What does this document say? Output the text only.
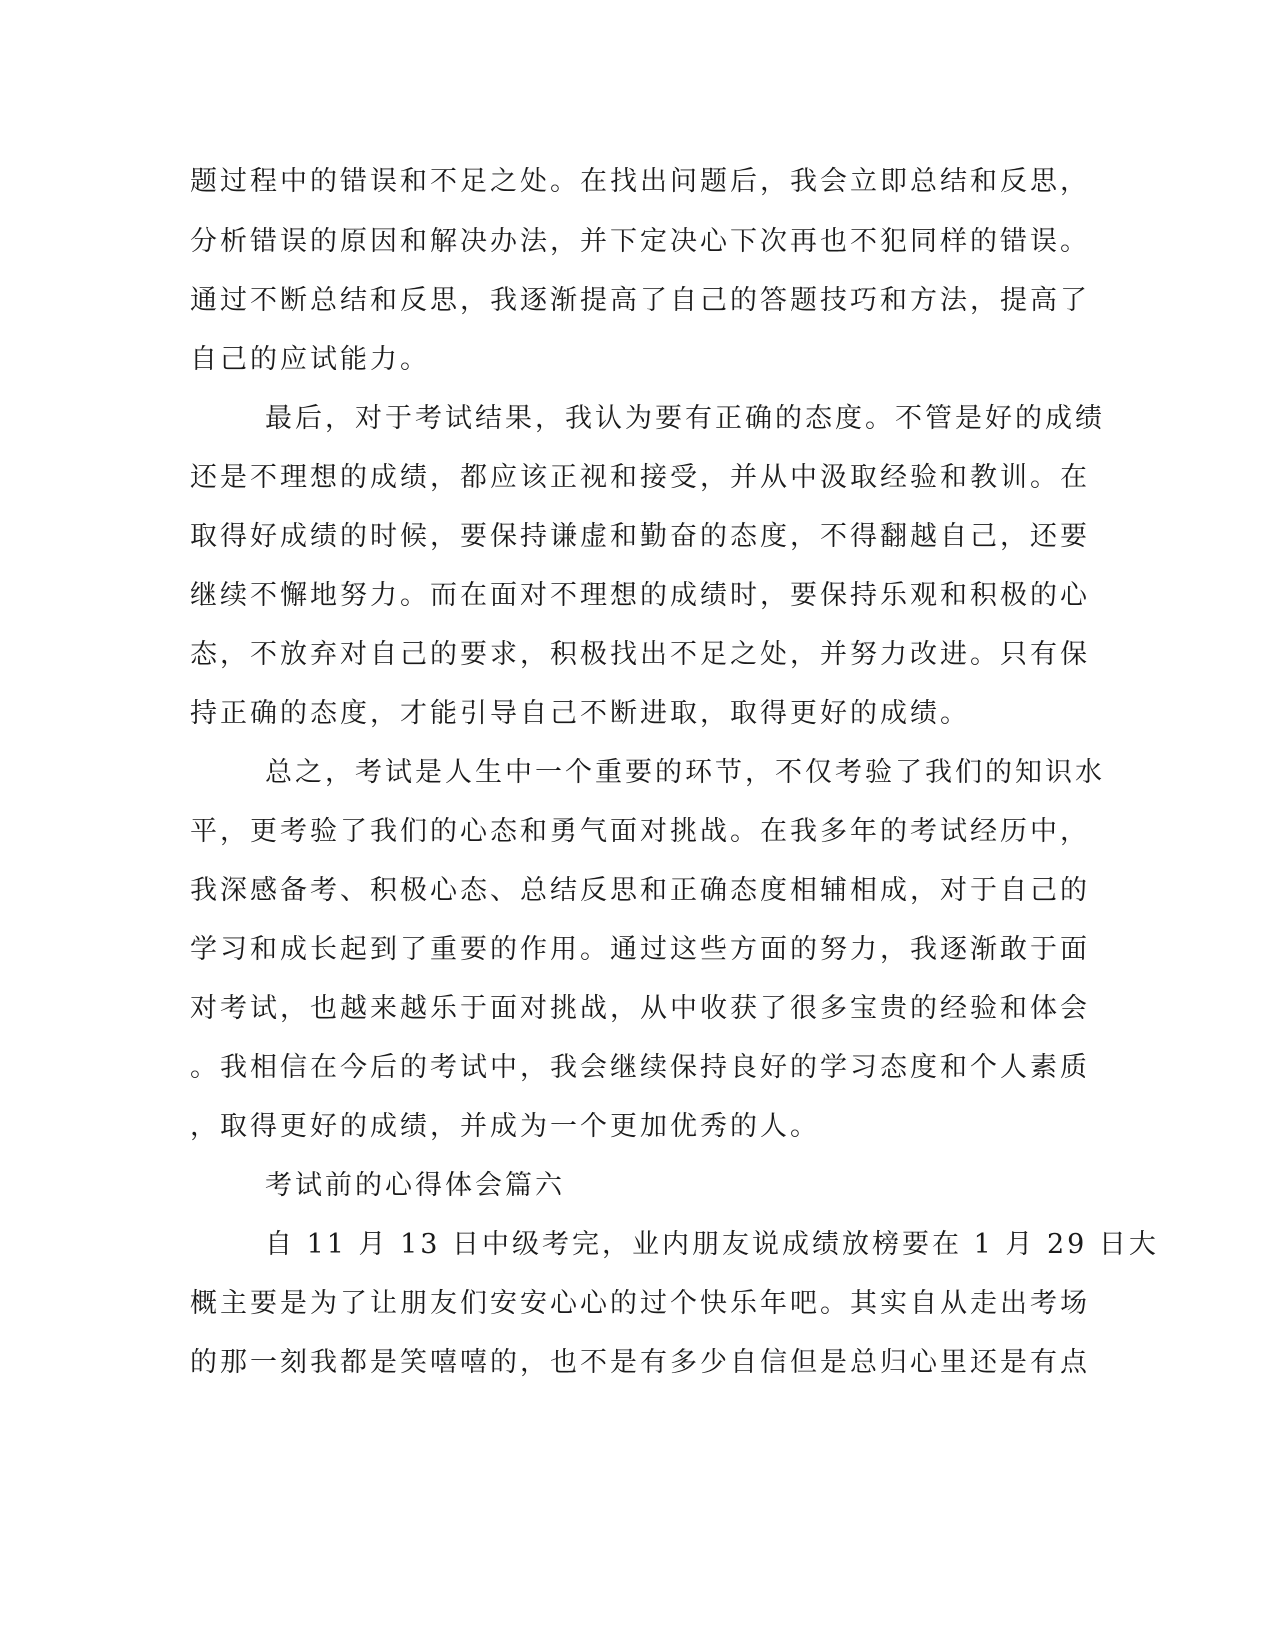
题过程中的错误和不足之处。在找出问题后，我会立即总结和反思，
分析错误的原因和解决办法，并下定决心下次再也不犯同样的错误。
通过不断总结和反思，我逐渐提高了自己的答题技巧和方法，提高了
自己的应试能力。
最后，对于考试结果，我认为要有正确的态度。不管是好的成绩
还是不理想的成绩，都应该正视和接受，并从中汲取经验和教训。在
取得好成绩的时候，要保持谦虚和勤奋的态度，不得翻越自己，还要
继续不懈地努力。而在面对不理想的成绩时，要保持乐观和积极的心
态，不放弃对自己的要求，积极找出不足之处，并努力改进。只有保
持正确的态度，才能引导自己不断进取，取得更好的成绩。
总之，考试是人生中一个重要的环节，不仅考验了我们的知识水
平，更考验了我们的心态和勇气面对挑战。在我多年的考试经历中，
我深感备考、积极心态、总结反思和正确态度相辅相成，对于自己的
学习和成长起到了重要的作用。通过这些方面的努力，我逐渐敢于面
对考试，也越来越乐于面对挑战，从中收获了很多宝贵的经验和体会
。我相信在今后的考试中，我会继续保持良好的学习态度和个人素质
，取得更好的成绩，并成为一个更加优秀的人。
考试前的心得体会篇六
自 11 月 13 日中级考完，业内朋友说成绩放榜要在 1 月 29 日大
概主要是为了让朋友们安安心心的过个快乐年吧。其实自从走出考场
的那一刻我都是笑嘻嘻的，也不是有多少自信但是总归心里还是有点
